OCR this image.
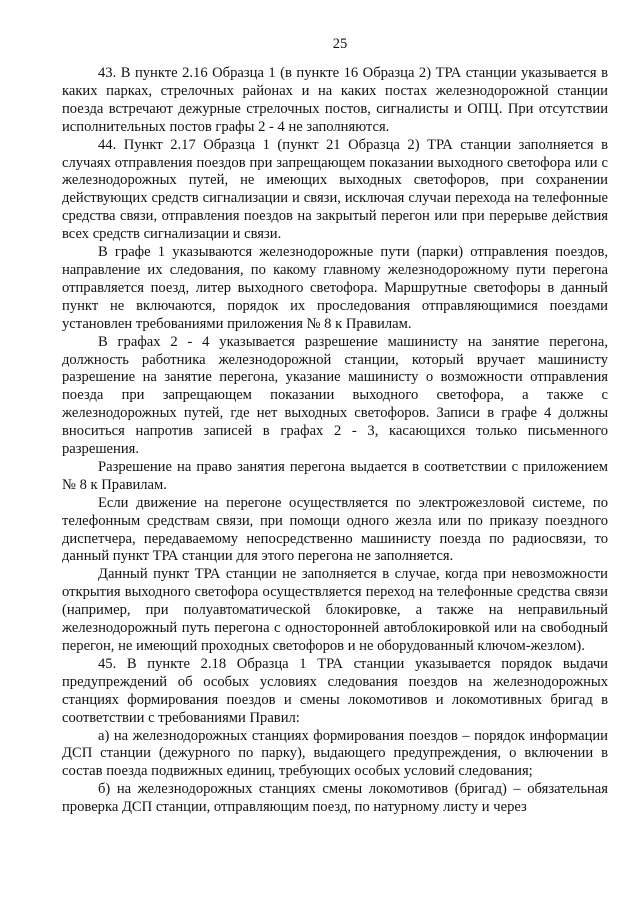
25

43. В пункте 2.16 Образца 1 (в пункте 16 Образца 2) ТРА станции указывается в каких парках, стрелочных районах и на каких постах железнодорожной станции поезда встречают дежурные стрелочных постов, сигналисты и ОПЦ. При отсутствии исполнительных постов графы 2 - 4 не заполняются.

44. Пункт 2.17 Образца 1 (пункт 21 Образца 2) ТРА станции заполняется в случаях отправления поездов при запрещающем показании выходного светофора или с железнодорожных путей, не имеющих выходных светофоров, при сохранении действующих средств сигнализации и связи, исключая случаи перехода на телефонные средства связи, отправления поездов на закрытый перегон или при перерыве действия всех средств сигнализации и связи.

В графе 1 указываются железнодорожные пути (парки) отправления поездов, направление их следования, по какому главному железнодорожному пути перегона отправляется поезд, литер выходного светофора. Маршрутные светофоры в данный пункт не включаются, порядок их проследования отправляющимися поездами установлен требованиями приложения № 8 к Правилам.

В графах 2 - 4 указывается разрешение машинисту на занятие перегона, должность работника железнодорожной станции, который вручает машинисту разрешение на занятие перегона, указание машинисту о возможности отправления поезда при запрещающем показании выходного светофора, а также с железнодорожных путей, где нет выходных светофоров. Записи в графе 4 должны вноситься напротив записей в графах 2 - 3, касающихся только письменного разрешения.

Разрешение на право занятия перегона выдается в соответствии с приложением № 8 к Правилам.

Если движение на перегоне осуществляется по электрожезловой системе, по телефонным средствам связи, при помощи одного жезла или по приказу поездного диспетчера, передаваемому непосредственно машинисту поезда по радиосвязи, то данный пункт ТРА станции для этого перегона не заполняется.

Данный пункт ТРА станции не заполняется в случае, когда при невозможности открытия выходного светофора осуществляется переход на телефонные средства связи (например, при полуавтоматической блокировке, а также на неправильный железнодорожный путь перегона с односторонней автоблокировкой или на свободный перегон, не имеющий проходных светофоров и не оборудованный ключом-жезлом).

45. В пункте 2.18 Образца 1 ТРА станции указывается порядок выдачи предупреждений об особых условиях следования поездов на железнодорожных станциях формирования поездов и смены локомотивов и локомотивных бригад в соответствии с требованиями Правил:

а) на железнодорожных станциях формирования поездов – порядок информации ДСП станции (дежурного по парку), выдающего предупреждения, о включении в состав поезда подвижных единиц, требующих особых условий следования;

б) на железнодорожных станциях смены локомотивов (бригад) – обязательная проверка ДСП станции, отправляющим поезд, по натурному листу и через
